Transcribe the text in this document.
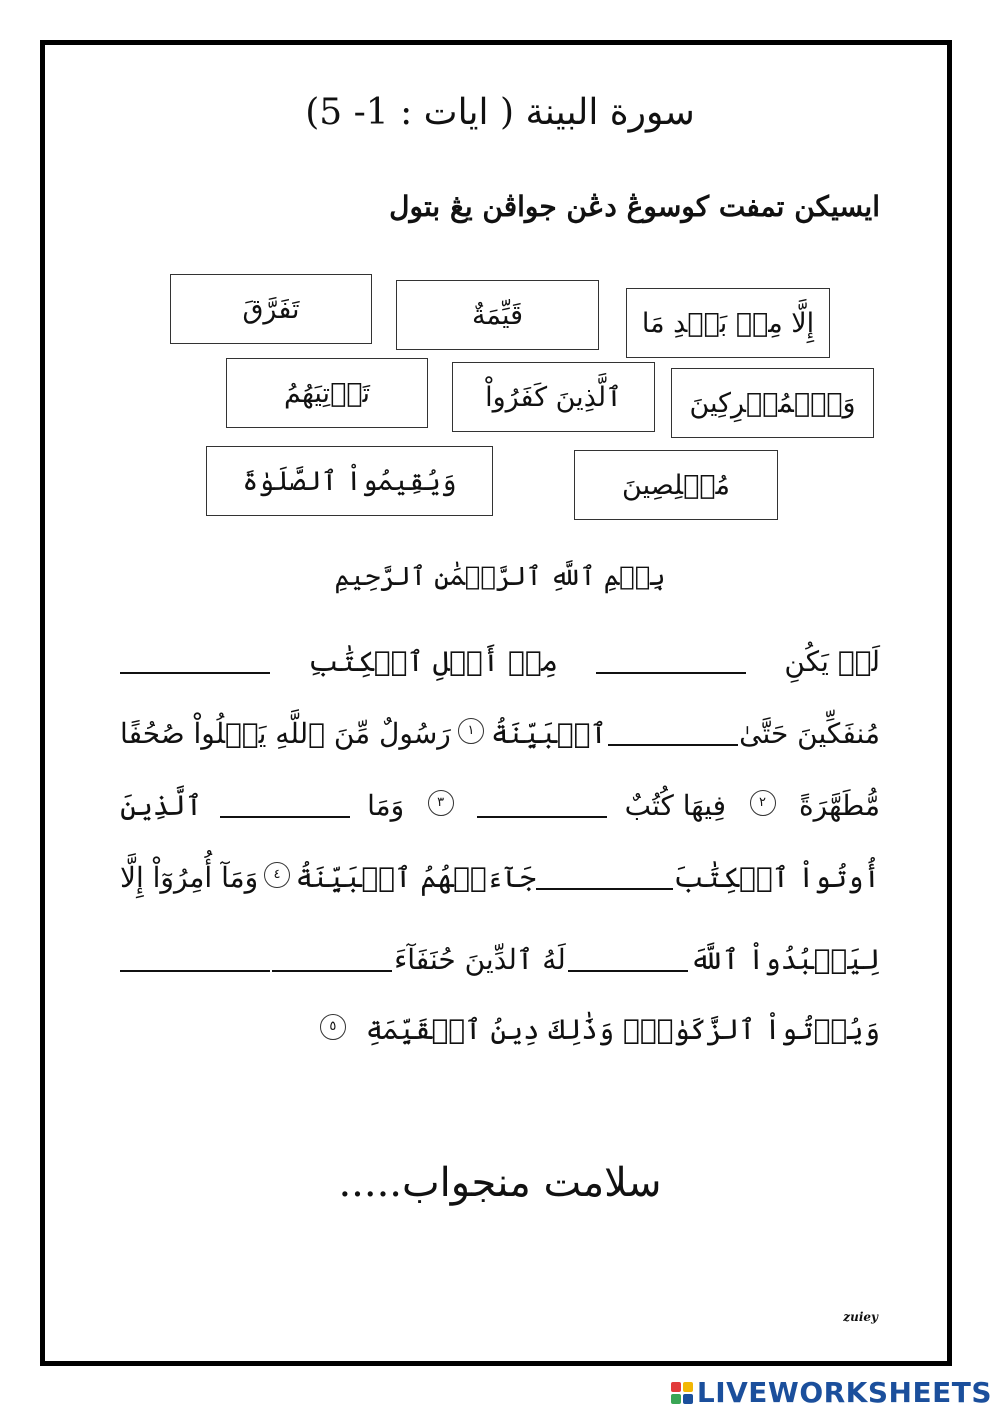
سورة البينة ( ايات : 1- 5)
ايسيكن تمفت كوسوڠ دڠن جواڤن يڠ بتول
تَفَرَّقَ	قَيِّمَةٌ	إِلَّا مِنۢ بَعۡدِ مَا
تَأۡتِيَهُمُ	ٱلَّذِينَ كَفَرُواْ	وَٱلۡمُشۡرِكِينَ
وَيُقِيمُواْ ٱلصَّلَوٰةَ	مُخۡلِصِينَ
بِسۡمِ ٱللَّهِ ٱلرَّحۡمَٰنِ ٱلرَّحِيمِ
لَمۡ يَكُنِ
مِنۡ أَهۡلِ ٱلۡكِتَٰبِ
مُنفَكِّينَ حَتَّىٰ
ٱلۡبَيِّنَةُ
١
رَسُولٌ مِّنَ ٱللَّهِ يَتۡلُواْ صُحُفًا
مُّطَهَّرَةً
٢
فِيهَا كُتُبٌ
٣
وَمَا
ٱلَّذِينَ
أُوتُواْ ٱلۡكِتَٰبَ
جَآءَتۡهُمُ ٱلۡبَيِّنَةُ
٤
وَمَآ أُمِرُوٓاْ إِلَّا
لِيَعۡبُدُواْ ٱللَّهَ
لَهُ ٱلدِّينَ حُنَفَآءَ
وَيُؤۡتُواْ ٱلزَّكَوٰةَۚ وَذَٰلِكَ دِينُ ٱلۡقَيِّمَةِ
٥
سلامت منجواب.....
zuiey
LIVEWORKSHEETS
